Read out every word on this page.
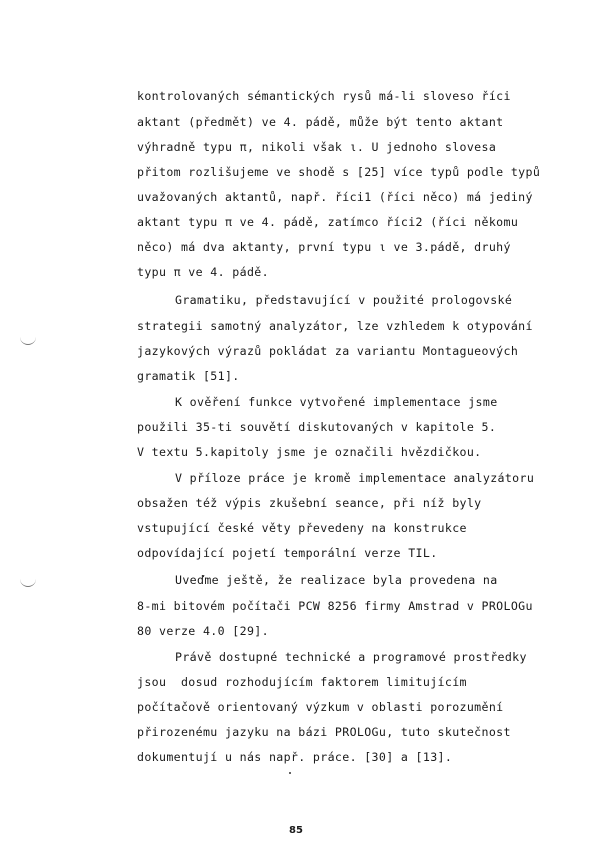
kontrolovaných sémantických rysů má-li sloveso říci
aktant (předmět) ve 4. pádě, může být tento aktant
výhradně typu π, nikoli však ι. U jednoho slovesa
přitom rozlišujeme ve shodě s [25] více typů podle typů
uvažovaných aktantů, např. říci1 (říci něco) má jediný
aktant typu π ve 4. pádě, zatímco říci2 (říci někomu
něco) má dva aktanty, první typu ι ve 3.pádě, druhý
typu π ve 4. pádě.
Gramatiku, představující v použité prologovské
strategii samotný analyzátor, lze vzhledem k otypování
jazykových výrazů pokládat za variantu Montagueových
gramatik [51].
K ověření funkce vytvořené implementace jsme
použili 35-ti souvětí diskutovaných v kapitole 5.
V textu 5.kapitoly jsme je označili hvězdičkou.
V příloze práce je kromě implementace analyzátoru
obsažen též výpis zkušební seance, při níž byly
vstupující české věty převedeny na konstrukce
odpovídající pojetí temporální verze TIL.
Uveďme ještě, že realizace byla provedena na
8-mi bitovém počítači PCW 8256 firmy Amstrad v PROLOGu
80 verze 4.0 [29].
Právě dostupné technické a programové prostředky
jsou  dosud rozhodujícím faktorem limitujícím
počítačově orientovaný výzkum v oblasti porozumění
přirozenému jazyku na bázi PROLOGu, tuto skutečnost
dokumentují u nás např. práce. [30] a [13].
85
